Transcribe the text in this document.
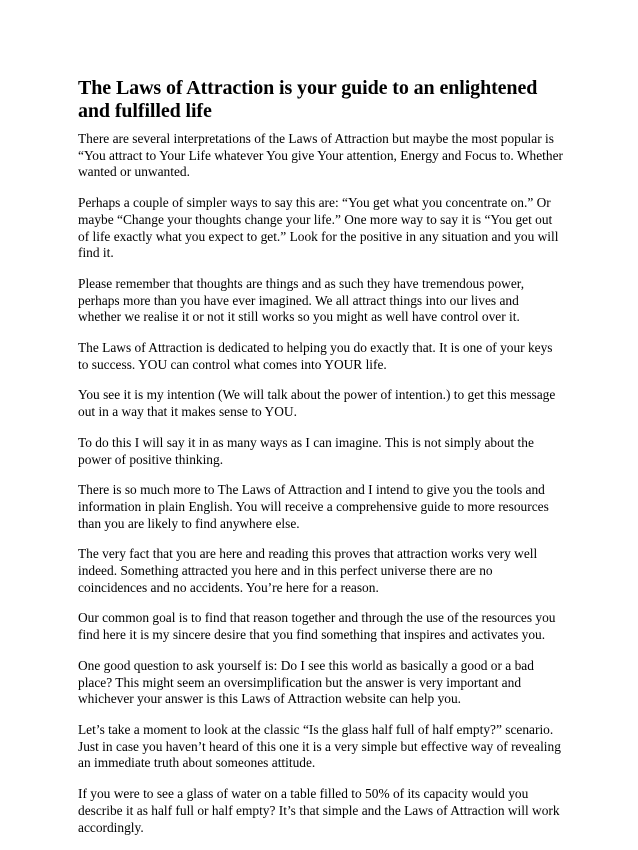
The Laws of Attraction is your guide to an enlightened and fulfilled life

There are several interpretations of the Laws of Attraction but maybe the most popular is “You attract to Your Life whatever You give Your attention, Energy and Focus to. Whether wanted or unwanted.

Perhaps a couple of simpler ways to say this are: “You get what you concentrate on.” Or maybe “Change your thoughts change your life.” One more way to say it is “You get out of life exactly what you expect to get.” Look for the positive in any situation and you will find it.

Please remember that thoughts are things and as such they have tremendous power, perhaps more than you have ever imagined. We all attract things into our lives and whether we realise it or not it still works so you might as well have control over it.

The Laws of Attraction is dedicated to helping you do exactly that. It is one of your keys to success. YOU can control what comes into YOUR life.

You see it is my intention (We will talk about the power of intention.) to get this message out in a way that it makes sense to YOU.

To do this I will say it in as many ways as I can imagine. This is not simply about the power of positive thinking.

There is so much more to The Laws of Attraction and I intend to give you the tools and information in plain English. You will receive a comprehensive guide to more resources than you are likely to find anywhere else.

The very fact that you are here and reading this proves that attraction works very well indeed. Something attracted you here and in this perfect universe there are no coincidences and no accidents. You’re here for a reason.

Our common goal is to find that reason together and through the use of the resources you find here it is my sincere desire that you find something that inspires and activates you.

One good question to ask yourself is: Do I see this world as basically a good or a bad place? This might seem an oversimplification but the answer is very important and whichever your answer is this Laws of Attraction website can help you.

Let’s take a moment to look at the classic “Is the glass half full of half empty?” scenario. Just in case you haven’t heard of this one it is a very simple but effective way of revealing an immediate truth about someones attitude.

If you were to see a glass of water on a table filled to 50% of its capacity would you describe it as half full or half empty? It’s that simple and the Laws of Attraction will work accordingly.
